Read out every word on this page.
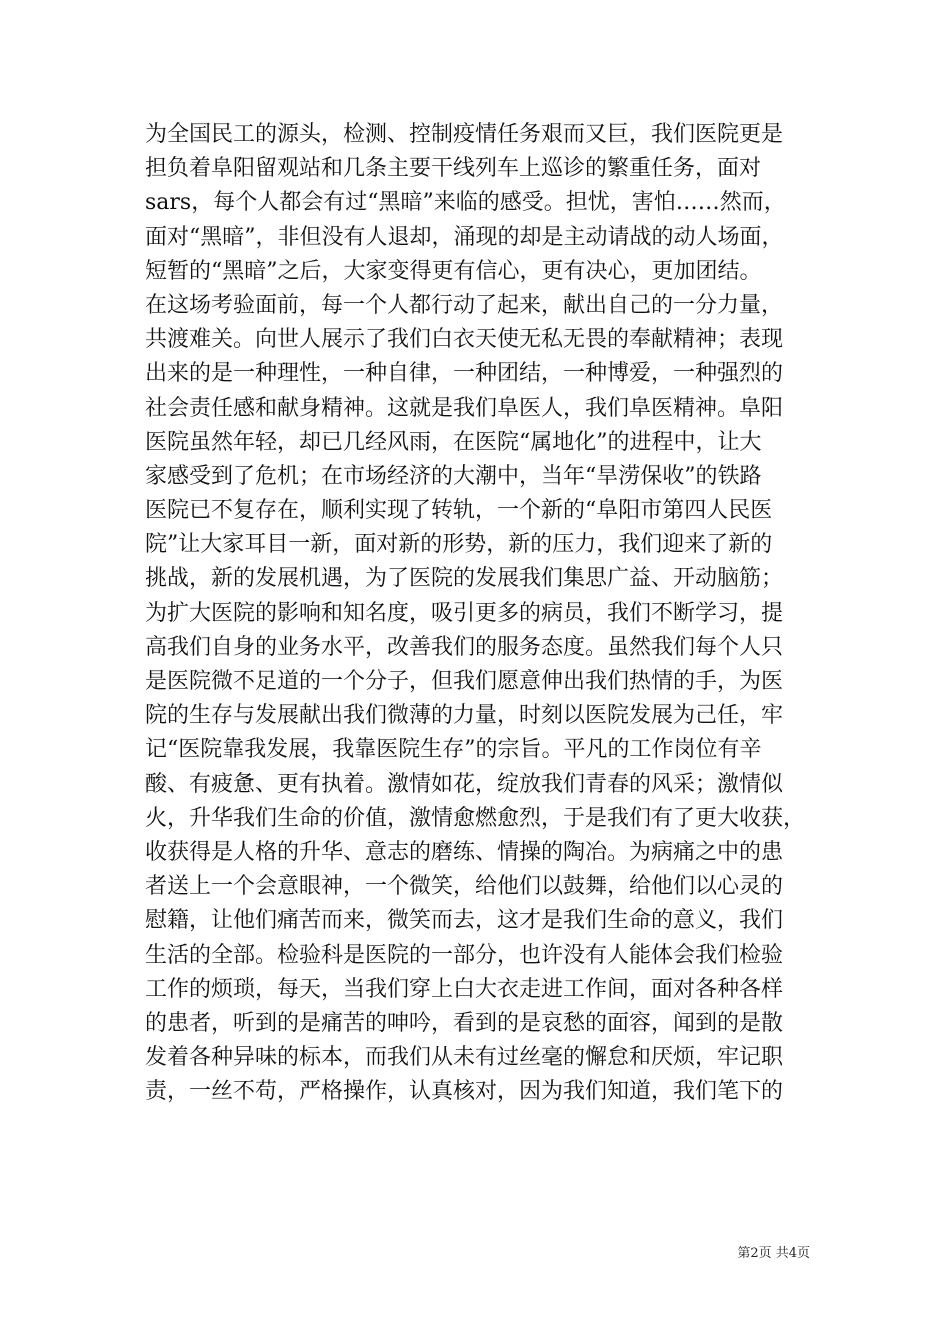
为全国民工的源头，检测、控制疫情任务艰而又巨，我们医院更是
担负着阜阳留观站和几条主要干线列车上巡诊的繁重任务，面对
sars，每个人都会有过“黑暗”来临的感受。担忧，害怕……然而，
面对“黑暗”，非但没有人退却，涌现的却是主动请战的动人场面，
短暂的“黑暗”之后，大家变得更有信心，更有决心，更加团结。
在这场考验面前，每一个人都行动了起来，献出自己的一分力量，
共渡难关。向世人展示了我们白衣天使无私无畏的奉献精神；表现
出来的是一种理性，一种自律，一种团结，一种博爱，一种强烈的
社会责任感和献身精神。这就是我们阜医人，我们阜医精神。阜阳
医院虽然年轻，却已几经风雨，在医院“属地化”的进程中，让大
家感受到了危机；在市场经济的大潮中，当年“旱涝保收”的铁路
医院已不复存在，顺利实现了转轨，一个新的“阜阳市第四人民医
院”让大家耳目一新，面对新的形势，新的压力，我们迎来了新的
挑战，新的发展机遇，为了医院的发展我们集思广益、开动脑筋；
为扩大医院的影响和知名度，吸引更多的病员，我们不断学习，提
高我们自身的业务水平，改善我们的服务态度。虽然我们每个人只
是医院微不足道的一个分子，但我们愿意伸出我们热情的手，为医
院的生存与发展献出我们微薄的力量，时刻以医院发展为己任，牢
记“医院靠我发展，我靠医院生存”的宗旨。平凡的工作岗位有辛
酸、有疲惫、更有执着。激情如花，绽放我们青春的风采；激情似
火，升华我们生命的价值，激情愈燃愈烈，于是我们有了更大收获，
收获得是人格的升华、意志的磨练、情操的陶冶。为病痛之中的患
者送上一个会意眼神，一个微笑，给他们以鼓舞，给他们以心灵的
慰籍，让他们痛苦而来，微笑而去，这才是我们生命的意义，我们
生活的全部。检验科是医院的一部分，也许没有人能体会我们检验
工作的烦琐，每天，当我们穿上白大衣走进工作间，面对各种各样
的患者，听到的是痛苦的呻吟，看到的是哀愁的面容，闻到的是散
发着各种异味的标本，而我们从未有过丝毫的懈怠和厌烦，牢记职
责，一丝不苟，严格操作，认真核对，因为我们知道，我们笔下的
第2页 共4页
